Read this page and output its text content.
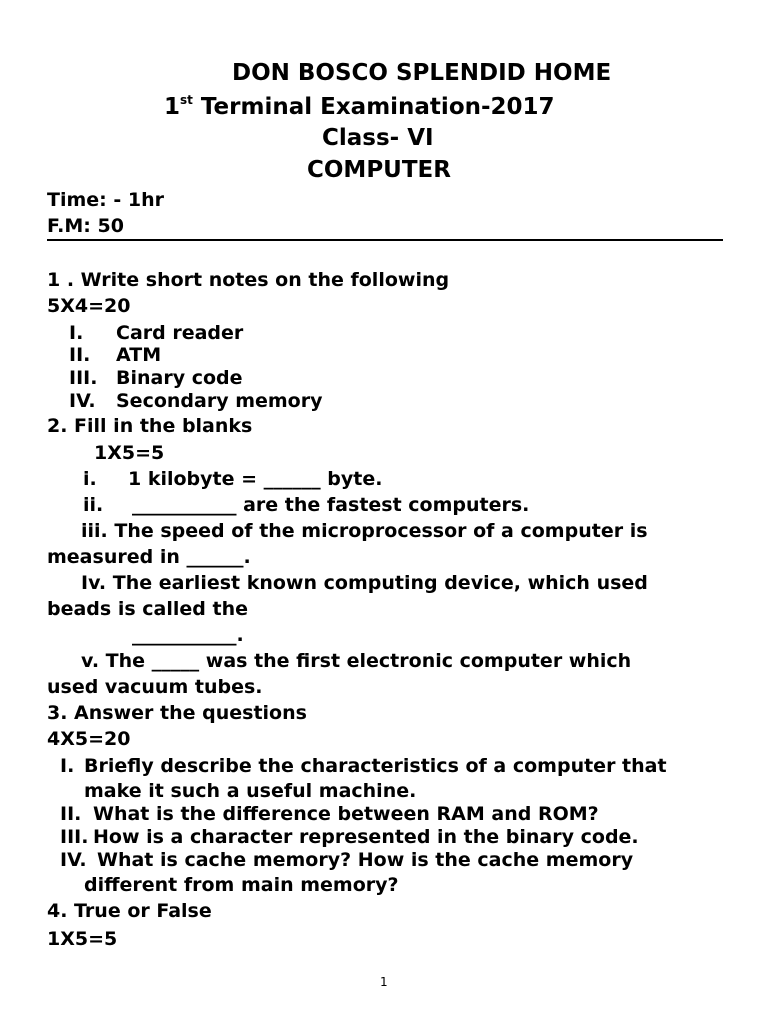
DON BOSCO SPLENDID HOME
1st Terminal Examination-2017
Class- VI
COMPUTER
Time: - 1hr
F.M: 50
1 . Write short notes on the following
5X4=20
I. Card reader
II. ATM
III. Binary code
IV. Secondary memory
2. Fill in the blanks
1X5=5
i. 1 kilobyte = ______ byte.
ii. ___________ are the fastest computers.
iii. The speed of the microprocessor of a computer is
measured in ______.
Iv. The earliest known computing device, which used
beads is called the
___________.
v. The _____ was the first electronic computer which
used vacuum tubes.
3. Answer the questions
4X5=20
I. Briefly describe the characteristics of a computer that
make it such a useful machine.
II. What is the difference between RAM and ROM?
III. How is a character represented in the binary code.
IV. What is cache memory? How is the cache memory
different from main memory?
4. True or False
1X5=5
1
